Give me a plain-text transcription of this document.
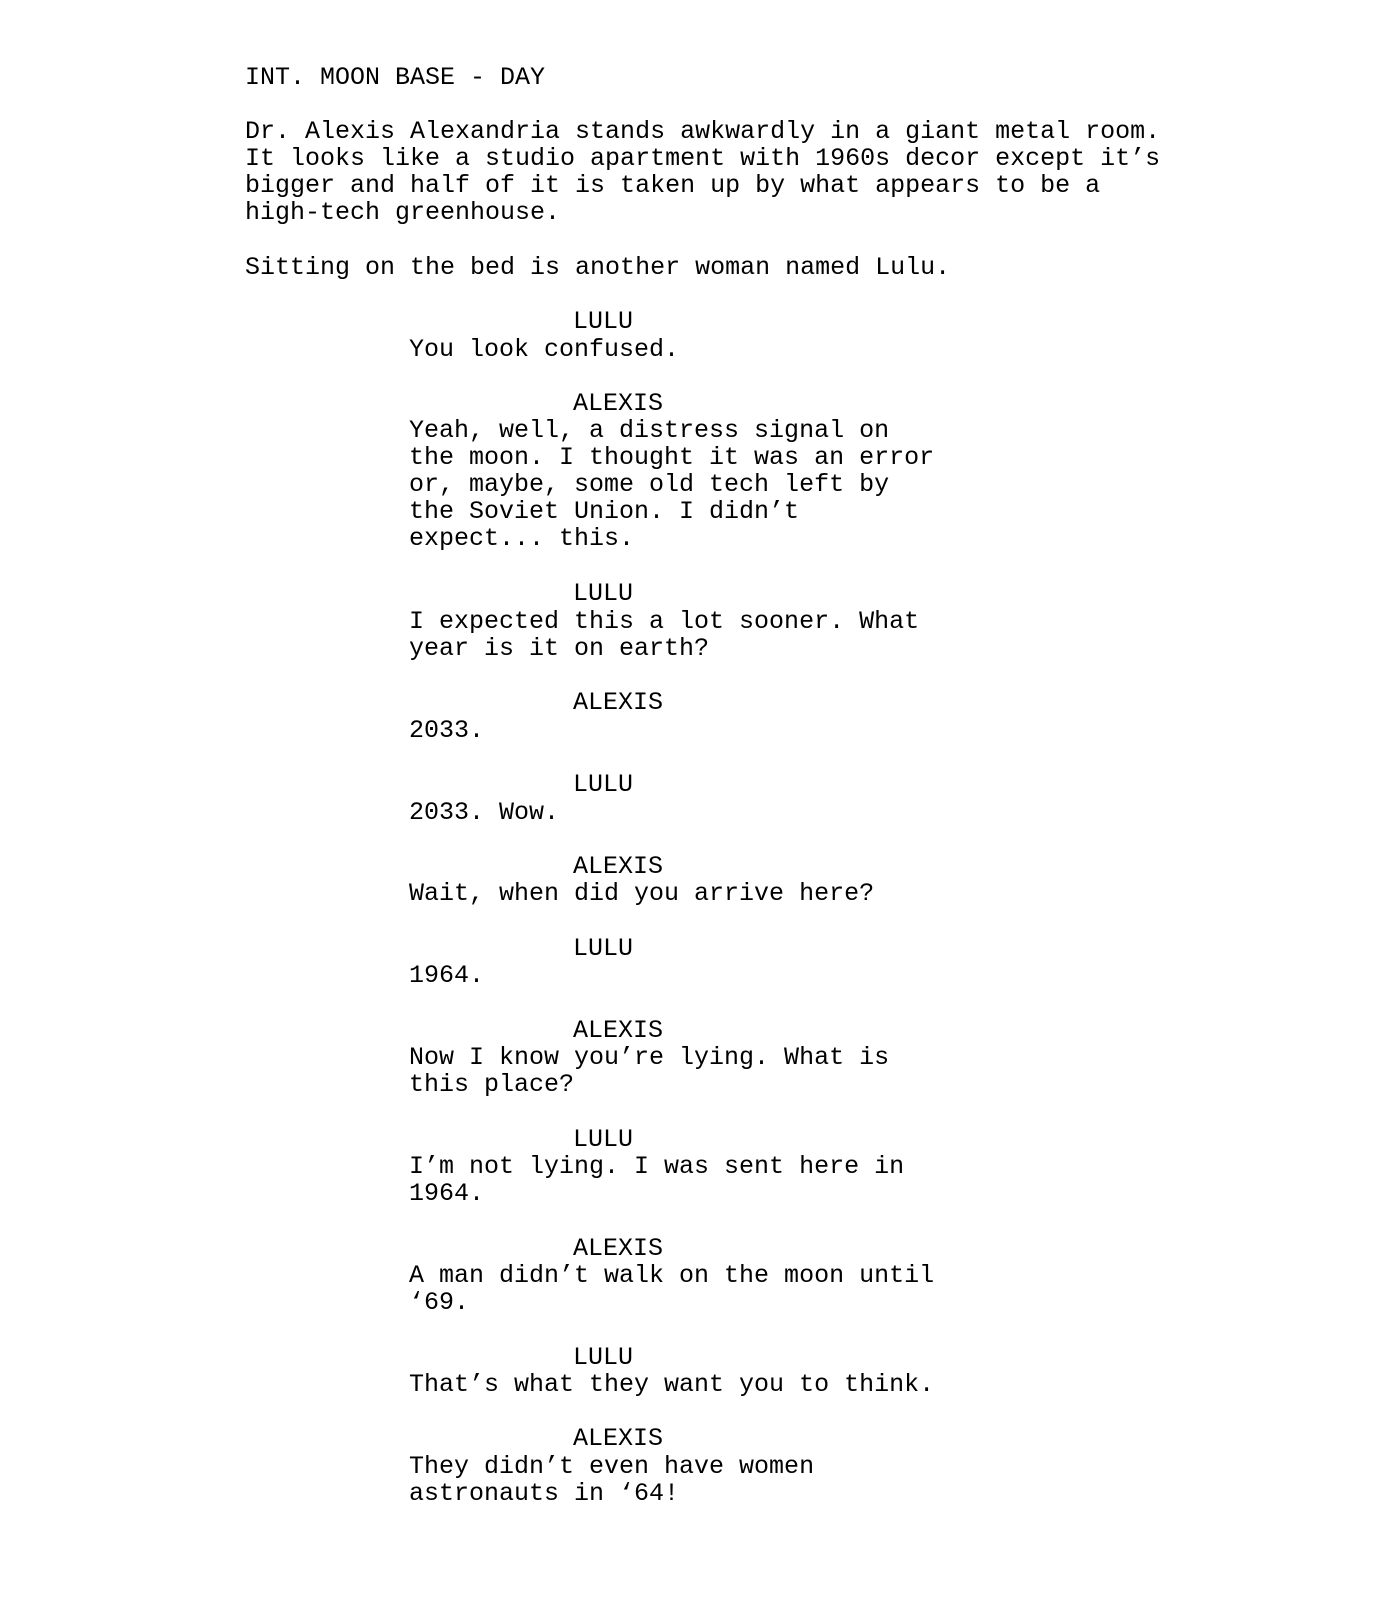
INT. MOON BASE - DAY
Dr. Alexis Alexandria stands awkwardly in a giant metal room.
It looks like a studio apartment with 1960s decor except it’s
bigger and half of it is taken up by what appears to be a
high-tech greenhouse.
Sitting on the bed is another woman named Lulu.
LULU
You look confused.
ALEXIS
Yeah, well, a distress signal on
the moon. I thought it was an error
or, maybe, some old tech left by
the Soviet Union. I didn’t
expect... this.
LULU
I expected this a lot sooner. What
year is it on earth?
ALEXIS
2033.
LULU
2033. Wow.
ALEXIS
Wait, when did you arrive here?
LULU
1964.
ALEXIS
Now I know you’re lying. What is
this place?
LULU
I’m not lying. I was sent here in
1964.
ALEXIS
A man didn’t walk on the moon until
‘69.
LULU
That’s what they want you to think.
ALEXIS
They didn’t even have women
astronauts in ‘64!
